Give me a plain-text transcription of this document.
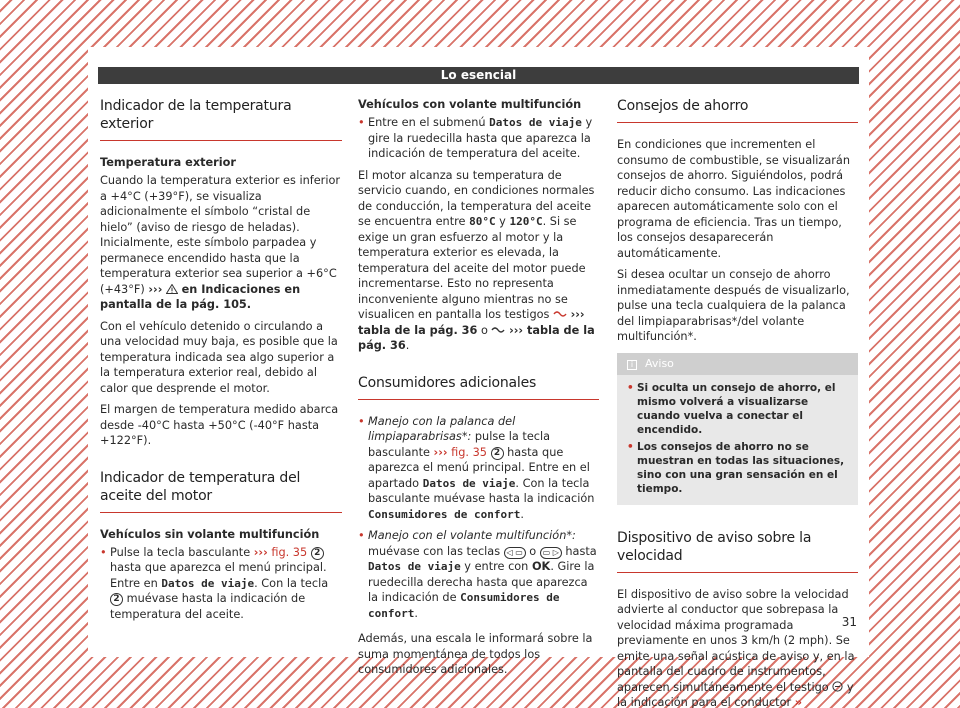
Lo esencial
Indicador de la temperatura exterior
Temperatura exterior

Cuando la temperatura exterior es inferior a +4°C (+39°F), se visualiza adicionalmente el símbolo “cristal de hielo” (aviso de riesgo de heladas). Inicialmente, este símbolo parpadea y permanece encendido hasta que la temperatura exterior sea superior a +6°C (+43°F) ›››  en Indicaciones en pantalla de la pág. 105.

Con el vehículo detenido o circulando a una velocidad muy baja, es posible que la temperatura indicada sea algo superior a la temperatura exterior real, debido al calor que desprende el motor.

El margen de temperatura medido abarca desde -40°C hasta +50°C (-40°F hasta +122°F).

Indicador de temperatura del aceite del motor
Vehículos sin volante multifunción

• Pulse la tecla basculante ››› fig. 35 2 hasta que aparezca el menú principal. Entre en Datos de viaje. Con la tecla 2 muévase hasta la indicación de temperatura del aceite.

Vehículos con volante multifunción

• Entre en el submenú Datos de viaje y gire la ruedecilla hasta que aparezca la indicación de temperatura del aceite.

El motor alcanza su temperatura de servicio cuando, en condiciones normales de conducción, la temperatura del aceite se encuentra entre 80°C y 120°C. Si se exige un gran esfuerzo al motor y la temperatura exterior es elevada, la temperatura del aceite del motor puede incrementarse. Esto no representa inconveniente alguno mientras no se visualicen en pantalla los testigos ››› tabla de la pág. 36 o  ››› tabla de la pág. 36.

Consumidores adicionales

• Manejo con la palanca del limpiaparabrisas*: pulse la tecla basculante ››› fig. 35 2 hasta que aparezca el menú principal. Entre en el apartado Datos de viaje. Con la tecla basculante muévase hasta la indicación Consumidores de confort.

• Manejo con el volante multifunción*: muévase con las teclas ◁ ▭ o ▭ ▷ hasta Datos de viaje y entre con OK. Gire la ruedecilla derecha hasta que aparezca la indicación de Consumidores de confort.

Además, una escala le informará sobre la suma momentánea de todos los consumidores adicionales.

Consejos de ahorro

En condiciones que incrementen el consumo de combustible, se visualizarán consejos de ahorro. Siguiéndolos, podrá reducir dicho consumo. Las indicaciones aparecen automáticamente solo con el programa de eficiencia. Tras un tiempo, los consejos desaparecerán automáticamente.

Si desea ocultar un consejo de ahorro inmediatamente después de visualizarlo, pulse una tecla cualquiera de la palanca del limpiaparabrisas*/del volante multifunción*.

i Aviso
• Si oculta un consejo de ahorro, el mismo volverá a visualizarse cuando vuelva a conectar el encendido.
• Los consejos de ahorro no se muestran en todas las situaciones, sino con una gran sensación en el tiempo.
Dispositivo de aviso sobre la velocidad

El dispositivo de aviso sobre la velocidad advierte al conductor que sobrepasa la velocidad máxima programada previamente en unos 3 km/h (2 mph). Se emite una señal acústica de aviso y, en la pantalla del cuadro de instrumentos, aparecen simultáneamente el testigo  y la indicación para el conductor »

31
